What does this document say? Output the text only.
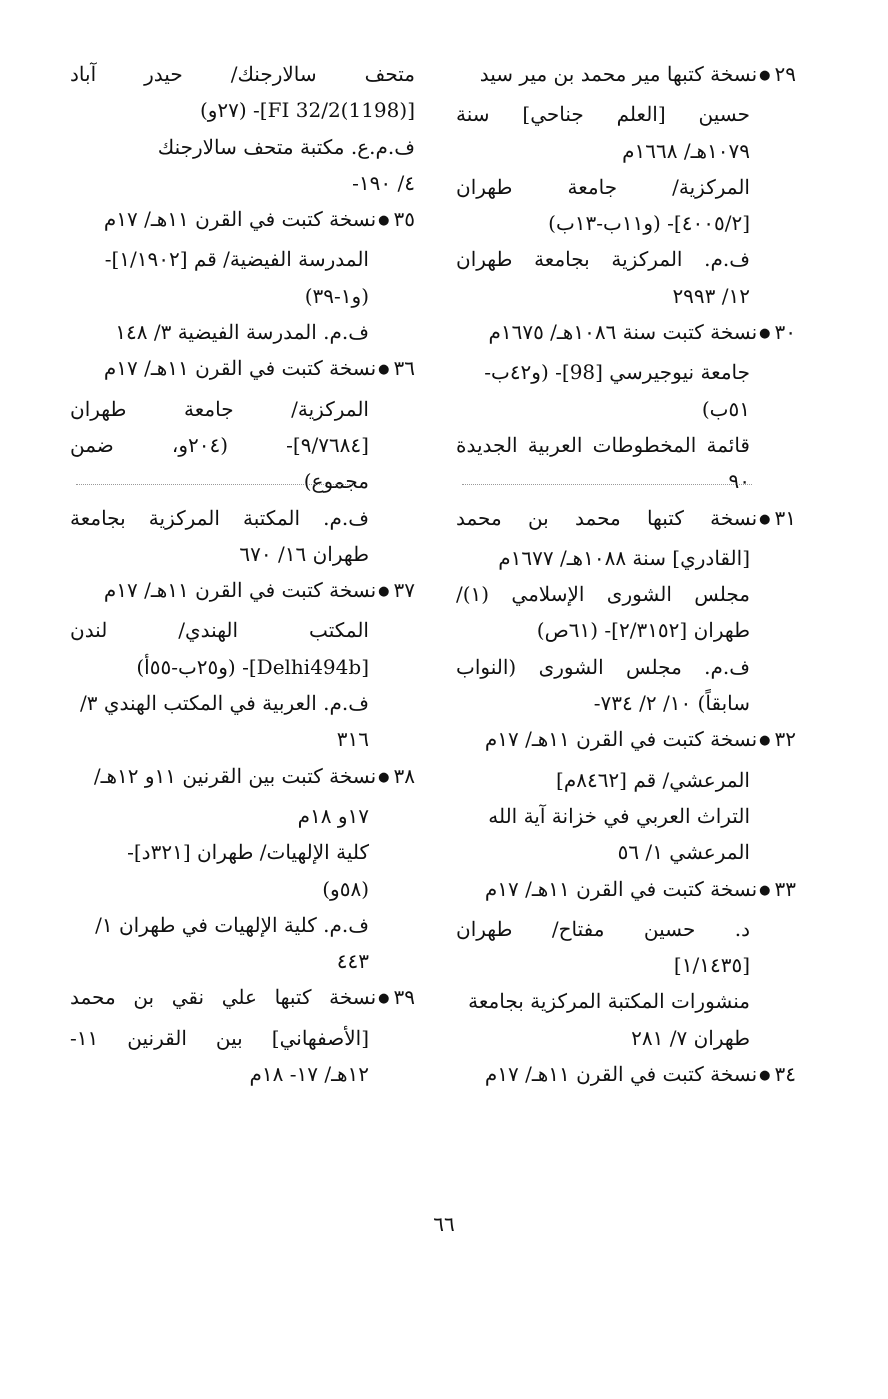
٢٩
●
نسخة كتبها مير محمد بن مير سيد
حسين [العلم جناحي] سنة
١٠٧٩هـ/ ١٦٦٨م
المركزية/ جامعة طهران
[٤٠٠٥/٢]- (و١١ب-١٣ب)
ف.م. المركزية بجامعة طهران
١٢/ ٢٩٩٣
٣٠
●
نسخة كتبت سنة ١٠٨٦هـ/ ١٦٧٥م
جامعة نيوجيرسي [98]- (و٤٢ب-
٥١ب)
قائمة المخطوطات العربية الجديدة
٩٠
٣١
●
نسخة كتبها محمد بن محمد
[القادري] سنة ١٠٨٨هـ/ ١٦٧٧م
مجلس الشورى الإسلامي (١)/
طهران [٢/٣١٥٢]- (٦١ص)
ف.م. مجلس الشورى (النواب
سابقاً) ١٠/ ٢/ ٧٣٤-
٣٢
●
نسخة كتبت في القرن ١١هـ/ ١٧م
المرعشي/ قم [٨٤٦٢م]
التراث العربي في خزانة آية الله
المرعشي ١/ ٥٦
٣٣
●
نسخة كتبت في القرن ١١هـ/ ١٧م
د. حسين مفتاح/ طهران
[١/١٤٣٥]
منشورات المكتبة المركزية بجامعة
طهران ٧/ ٢٨١
٣٤
●
نسخة كتبت في القرن ١١هـ/ ١٧م
متحف سالارجنك/ حيدر آباد
[FI 32/2(1198)]- (٢٧و)
ف.م.ع. مكتبة متحف سالارجنك
٤/ ١٩٠-
٣٥
●
نسخة كتبت في القرن ١١هـ/ ١٧م
المدرسة الفيضية/ قم [١/١٩٠٢]-
(و١-٣٩)
ف.م. المدرسة الفيضية ٣/ ١٤٨
٣٦
●
نسخة كتبت في القرن ١١هـ/ ١٧م
المركزية/ جامعة طهران
[٩/٧٦٨٤]- (٢٠٤و، ضمن
مجموع)
ف.م. المكتبة المركزية بجامعة
طهران ١٦/ ٦٧٠
٣٧
●
نسخة كتبت في القرن ١١هـ/ ١٧م
المكتب الهندي/ لندن
[Delhi494b]- (و٢٥ب-٥٥أ)
ف.م. العربية في المكتب الهندي ٣/
٣١٦
٣٨
●
نسخة كتبت بين القرنين ١١و ١٢هـ/
١٧و ١٨م
كلية الإلهيات/ طهران [٣٢١د]-
(٥٨و)
ف.م. كلية الإلهيات في طهران ١/
٤٤٣
٣٩
●
نسخة كتبها علي نقي بن محمد
[الأصفهاني] بين القرنين ١١-
١٢هـ/ ١٧- ١٨م
٦٦
